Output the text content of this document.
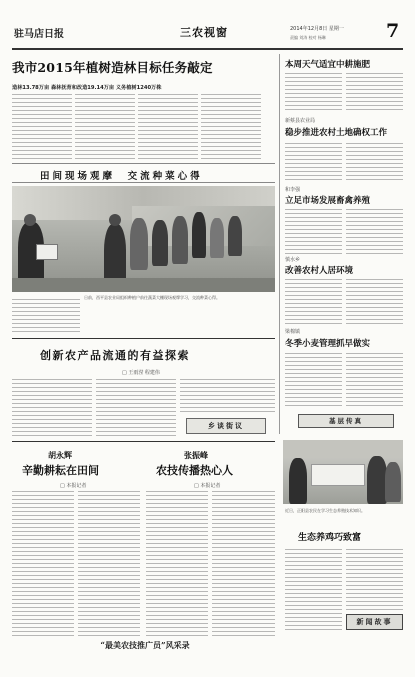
驻马店日报	三农视窗	2014年12月8日 星期一
责编 刘涛 校对 杨琳	7
我市2015年植树造林目标任务敲定
造林13.78万亩 森林抚育和改造19.14万亩 义务植树1240万株
田间现场观摩  交流种菜心得
日前，西平县农业局组织种植户前往蔬菜大棚现场观摩学习，交流种菜心得。
创新农产品流通的有益探索
□ 王雨滢 程建伟
乡谈街议
胡永辉
辛勤耕耘在田间
□ 本报记者
张振峰
农技传播热心人
□ 本报记者
“最美农技推广员”风采录
本周天气适宜中耕施肥
新蔡县农业局
稳步推进农村土地确权工作
和李强
立足市场发展畜禽养殖
慎水乡
改善农村人居环境
梁棉镇
冬季小麦管理抓早做实
基层传真
近日，正阳县农民在学习生态养殖技术知识。
生态养鸡巧致富
新闻故事
